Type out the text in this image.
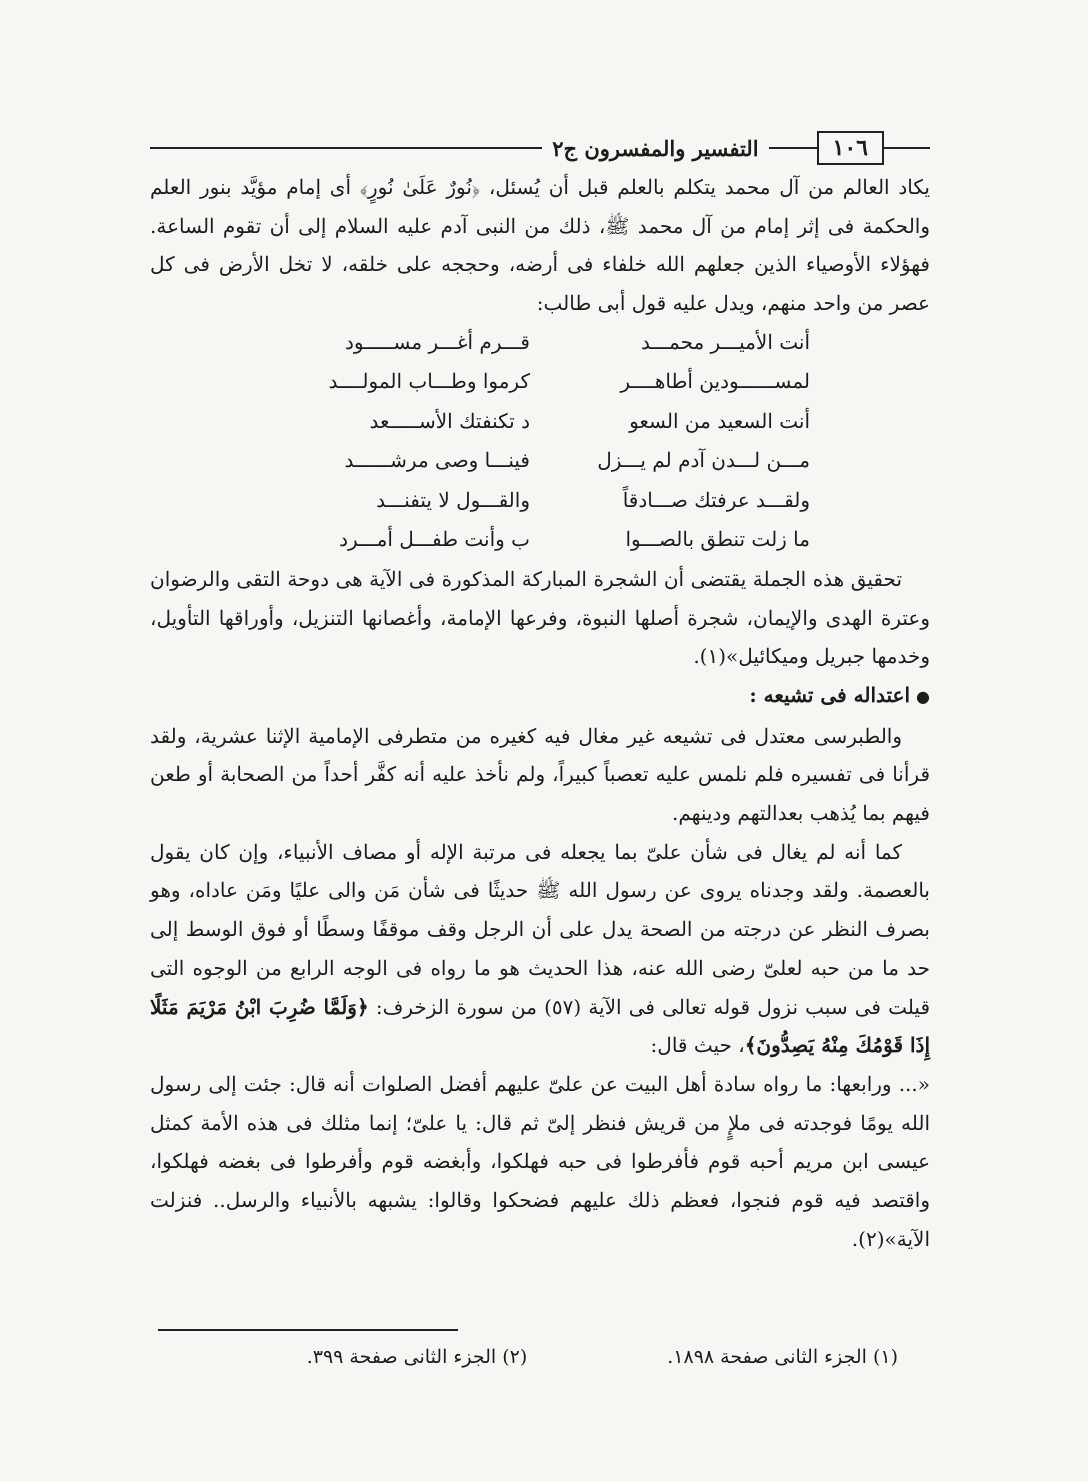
١٠٦
التفسير والمفسرون ج٢

يكاد العالم من آل محمد يتكلم بالعلم قبل أن يُسئل، ﴿نُورٌ عَلَىٰ نُورٍ﴾ أى إمام مؤيَّد بنور العلم والحكمة فى إثر إمام من آل محمد ﷺ، ذلك من النبى آدم عليه السلام إلى أن تقوم الساعة. فهؤلاء الأوصياء الذين جعلهم الله خلفاء فى أرضه، وحججه على خلقه، لا تخل الأرض فى كل عصر من واحد منهم، ويدل عليه قول أبى طالب:

أنت الأميـــر محمـــد
قـــرم أغـــر مســـــود
لمســــــودين أطاهــــر
كرموا وطـــاب المولــــد
أنت السعيد من السعو
د تكنفتك الأســـــعد
مـــن لـــدن آدم لم يـــزل
فينـــا وصى مرشــــــد
ولقـــد عرفتك صـــادقاً
والقـــول لا يتفنـــد
ما زلت تنطق بالصـــوا
ب وأنت طفـــل أمـــرد

تحقيق هذه الجملة يقتضى أن الشجرة المباركة المذكورة فى الآية هى دوحة التقى والرضوان وعترة الهدى والإيمان، شجرة أصلها النبوة، وفرعها الإمامة، وأغصانها التنزيل، وأوراقها التأويل، وخدمها جبريل وميكائيل»(١).

●اعتداله فى تشيعه :

والطبرسى معتدل فى تشيعه غير مغال فيه كغيره من متطرفى الإمامية الإثنا عشرية، ولقد قرأنا فى تفسيره فلم نلمس عليه تعصباً كبيراً، ولم نأخذ عليه أنه كفَّر أحداً من الصحابة أو طعن فيهم بما يُذهب بعدالتهم ودينهم.

كما أنه لم يغال فى شأن علىّ بما يجعله فى مرتبة الإله أو مصاف الأنبياء، وإن كان يقول بالعصمة. ولقد وجدناه يروى عن رسول الله ﷺ حديثًا فى شأن مَن والى عليًا ومَن عاداه، وهو بصرف النظر عن درجته من الصحة يدل على أن الرجل وقف موقفًا وسطًا أو فوق الوسط إلى حد ما من حبه لعلىّ رضى الله عنه، هذا الحديث هو ما رواه فى الوجه الرابع من الوجوه التى قيلت فى سبب نزول قوله تعالى فى الآية (٥٧) من سورة الزخرف: ﴿وَلَمَّا ضُرِبَ ابْنُ مَرْيَمَ مَثَلًا إِذَا قَوْمُكَ مِنْهُ يَصِدُّونَ﴾، حيث قال:

«... ورابعها: ما رواه سادة أهل البيت عن علىّ عليهم أفضل الصلوات أنه قال: جئت إلى رسول الله يومًا فوجدته فى ملإٍ من قريش فنظر إلىّ ثم قال: يا علىّ؛ إنما مثلك فى هذه الأمة كمثل عيسى ابن مريم أحبه قوم فأفرطوا فى حبه فهلكوا، وأبغضه قوم وأفرطوا فى بغضه فهلكوا، واقتصد فيه قوم فنجوا، فعظم ذلك عليهم فضحكوا وقالوا: يشبهه بالأنبياء والرسل.. فنزلت الآية»(٢).

(١) الجزء الثانى صفحة ١٨٩٨.
(٢) الجزء الثانى صفحة ٣٩٩.
